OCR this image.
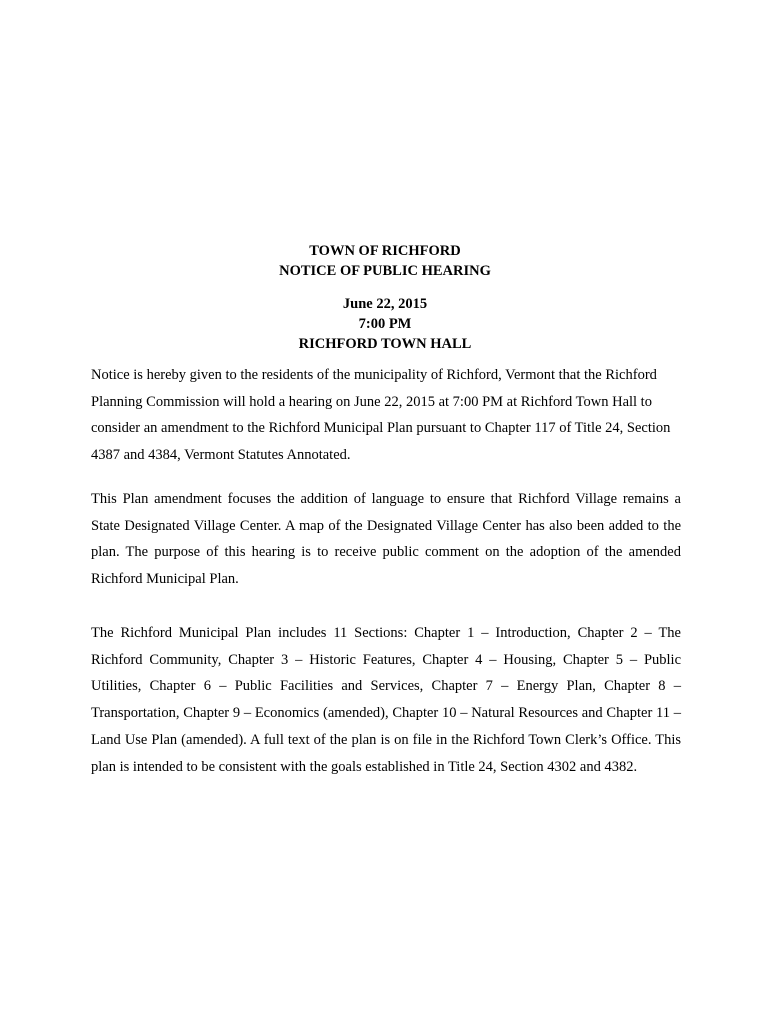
TOWN OF RICHFORD
NOTICE OF PUBLIC HEARING
June 22, 2015
7:00 PM
RICHFORD TOWN HALL

Notice is hereby given to the residents of the municipality of Richford, Vermont that the Richford Planning Commission will hold a hearing on June 22, 2015 at 7:00 PM at Richford Town Hall to consider an amendment to the Richford Municipal Plan pursuant to Chapter 117 of Title 24, Section 4387 and 4384, Vermont Statutes Annotated.

This Plan amendment focuses the addition of language to ensure that Richford Village remains a State Designated Village Center. A map of the Designated Village Center has also been added to the plan. The purpose of this hearing is to receive public comment on the adoption of the amended Richford Municipal Plan.

The Richford Municipal Plan includes 11 Sections: Chapter 1 – Introduction, Chapter 2 – The Richford Community, Chapter 3 – Historic Features, Chapter 4 – Housing, Chapter 5 – Public Utilities, Chapter 6 – Public Facilities and Services, Chapter 7 – Energy Plan, Chapter 8 – Transportation, Chapter 9 – Economics (amended), Chapter 10 – Natural Resources and Chapter 11 – Land Use Plan (amended). A full text of the plan is on file in the Richford Town Clerk’s Office. This plan is intended to be consistent with the goals established in Title 24, Section 4302 and 4382.
